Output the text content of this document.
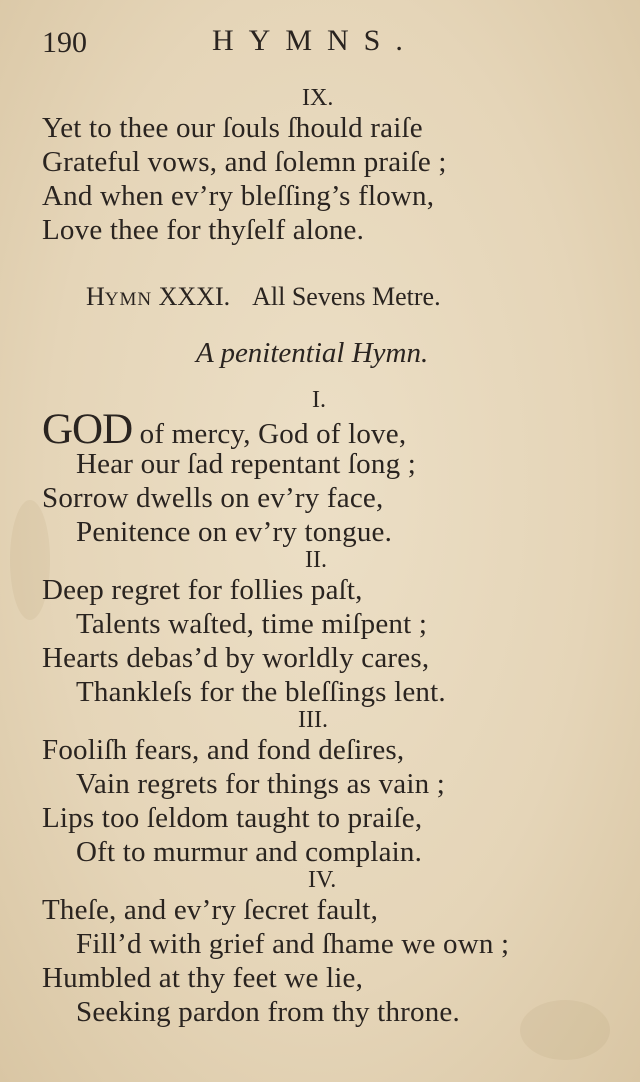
190	HYMNS.
IX.
Yet to thee our ſouls ſhould raiſe
Grateful vows, and ſolemn praiſe ;
And when ev’ry bleſſing’s flown,
Love thee for thyſelf alone.
HYMN XXXI. All Sevens Metre.
A penitential Hymn.
I.
GOD of mercy, God of love,
Hear our ſad repentant ſong ;
Sorrow dwells on ev’ry face,
Penitence on ev’ry tongue.
II.
Deep regret for follies paſt,
Talents waſted, time miſpent ;
Hearts debas’d by worldly cares,
Thankleſs for the bleſſings lent.
III.
Fooliſh fears, and fond deſires,
Vain regrets for things as vain ;
Lips too ſeldom taught to praiſe,
Oft to murmur and complain.
IV.
Theſe, and ev’ry ſecret fault,
Fill’d with grief and ſhame we own ;
Humbled at thy feet we lie,
Seeking pardon from thy throne.
